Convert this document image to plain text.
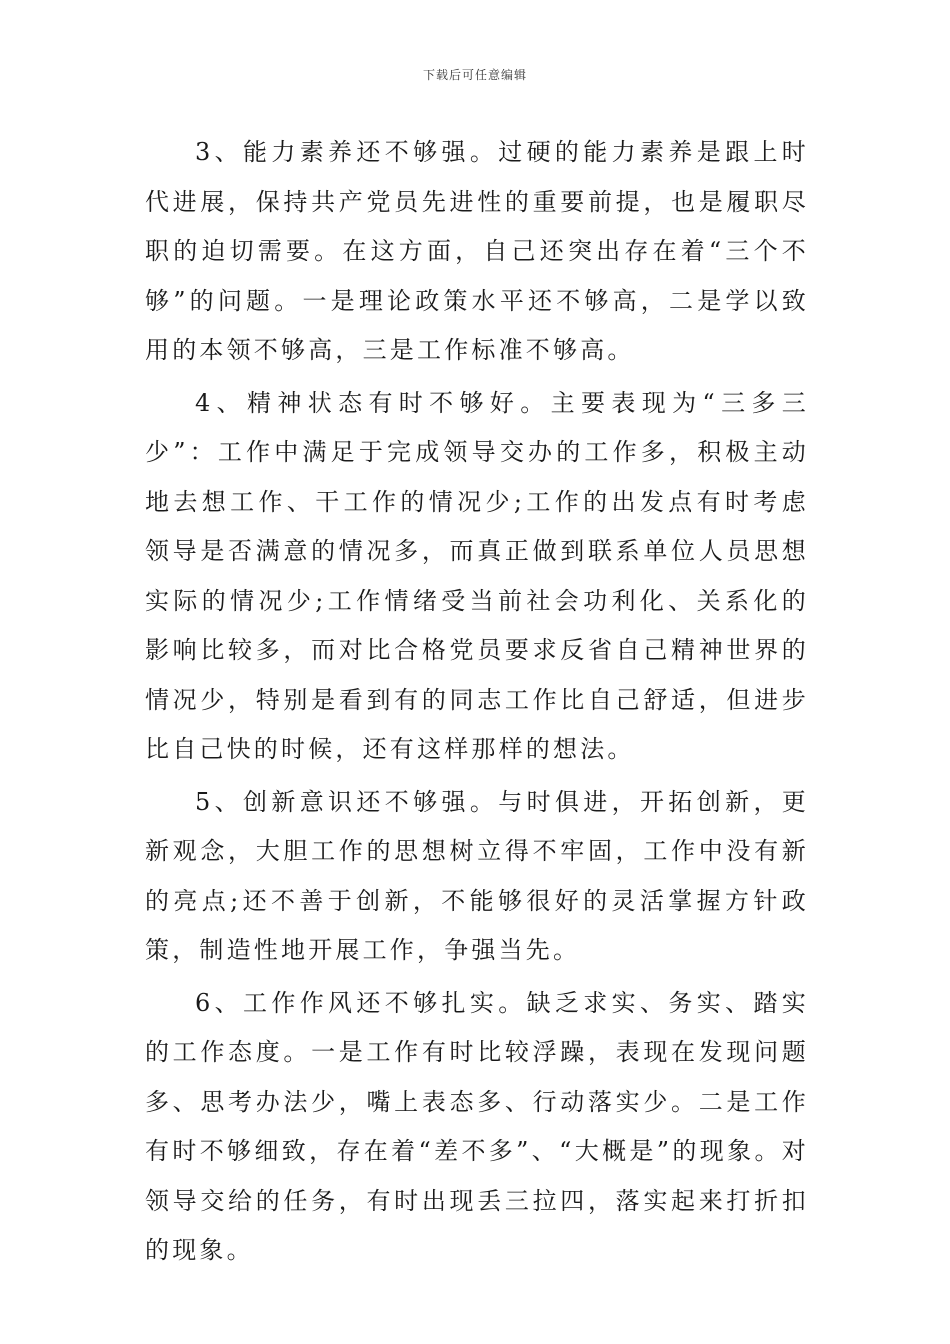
下载后可任意编辑

3、能力素养还不够强。过硬的能力素养是跟上时代进展，保持共产党员先进性的重要前提，也是履职尽职的迫切需要。在这方面，自己还突出存在着“三个不够”的问题。一是理论政策水平还不够高，二是学以致用的本领不够高，三是工作标准不够高。

4、精神状态有时不够好。主要表现为“三多三少”：工作中满足于完成领导交办的工作多，积极主动地去想工作、干工作的情况少;工作的出发点有时考虑领导是否满意的情况多，而真正做到联系单位人员思想实际的情况少;工作情绪受当前社会功利化、关系化的影响比较多，而对比合格党员要求反省自己精神世界的情况少，特别是看到有的同志工作比自己舒适，但进步比自己快的时候，还有这样那样的想法。

5、创新意识还不够强。与时俱进，开拓创新，更新观念，大胆工作的思想树立得不牢固，工作中没有新的亮点;还不善于创新，不能够很好的灵活掌握方针政策，制造性地开展工作，争强当先。

6、工作作风还不够扎实。缺乏求实、务实、踏实的工作态度。一是工作有时比较浮躁，表现在发现问题多、思考办法少，嘴上表态多、行动落实少。二是工作有时不够细致，存在着“差不多”、“大概是”的现象。对领导交给的任务，有时出现丢三拉四，落实起来打折扣的现象。
